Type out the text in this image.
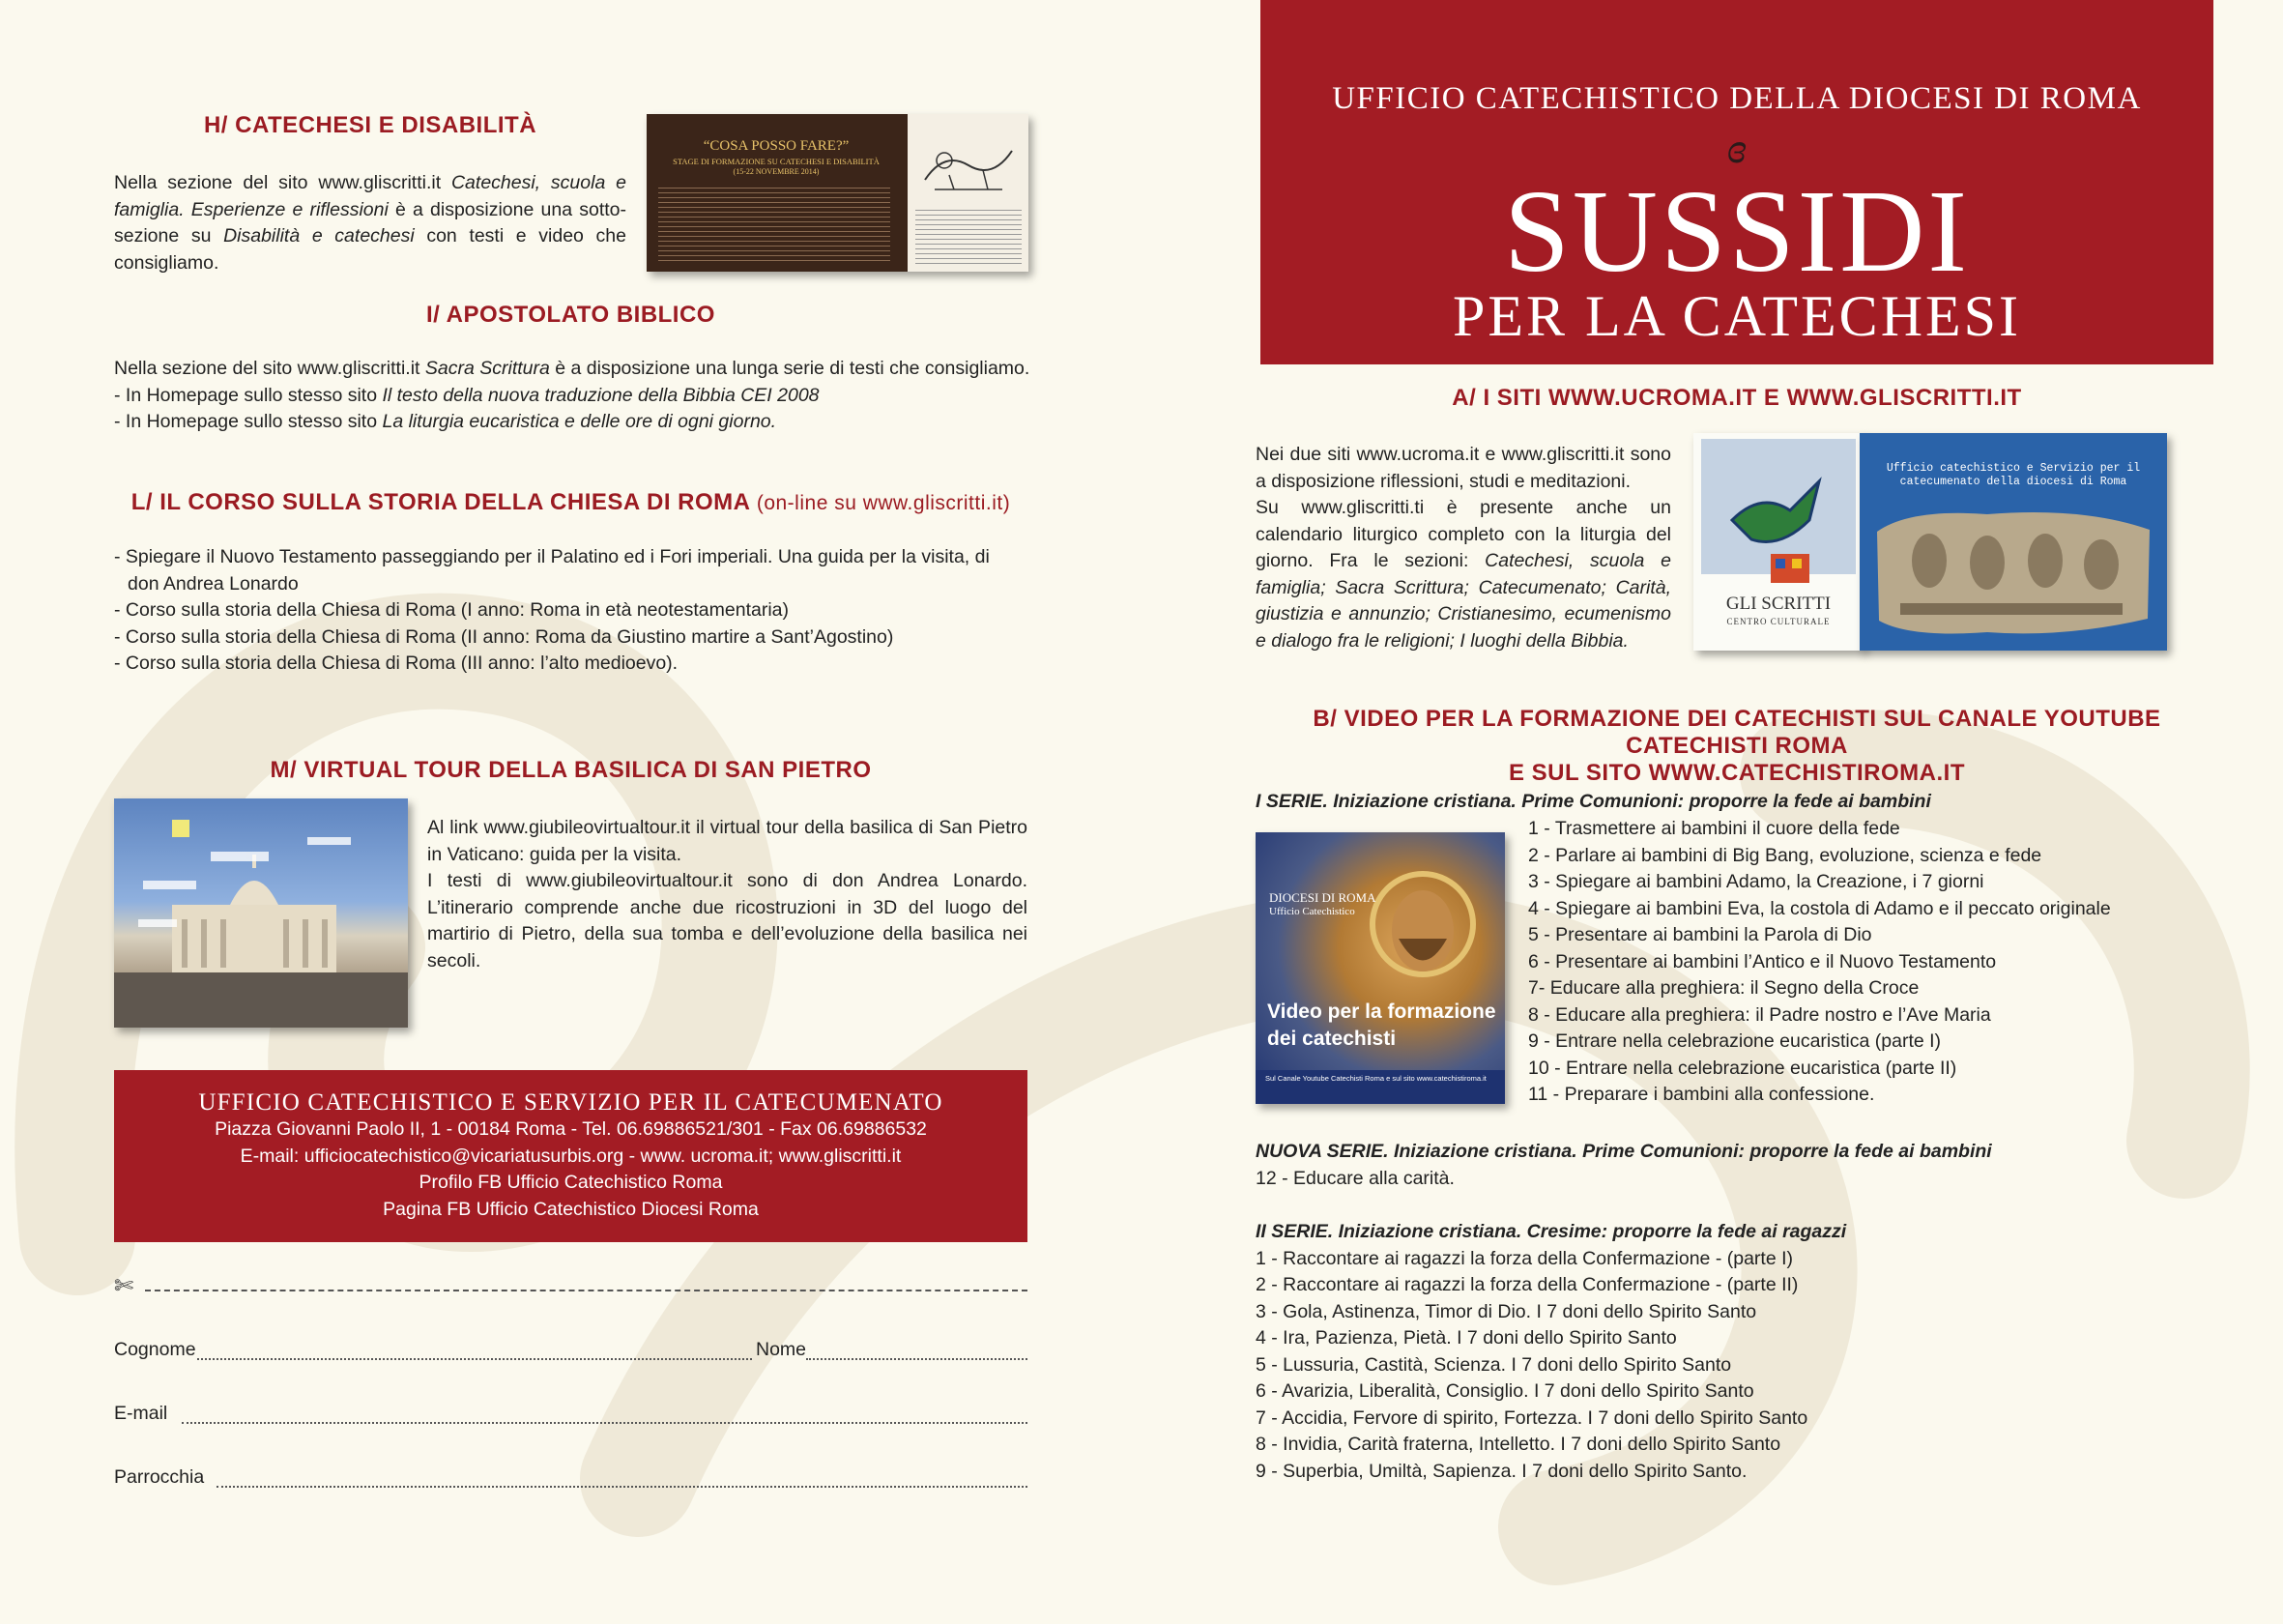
H/ CATECHESI E DISABILITÀ
Nella sezione del sito www.gliscritti.it Catechesi, scuola e famiglia. Esperienze e riflessioni è a disposizione una sotto-sezione su Disabilità e catechesi con testi e video che consigliamo.
“COSA POSSO FARE?”
STAGE DI FORMAZIONE SU CATECHESI E DISABILITÀ
(15-22 NOVEMBRE 2014)
I/ APOSTOLATO BIBLICO

Nella sezione del sito www.gliscritti.it Sacra Scrittura è a disposizione una lunga serie di testi che consigliamo.

- In Homepage sullo stesso sito Il testo della nuova traduzione della Bibbia CEI 2008

- In Homepage sullo stesso sito La liturgia eucaristica e delle ore di ogni giorno.

L/ IL CORSO SULLA STORIA DELLA CHIESA DI ROMA (on-line su www.gliscritti.it)

- Spiegare il Nuovo Testamento passeggiando per il Palatino ed i Fori imperiali. Una guida per la visita, di

don Andrea Lonardo

- Corso sulla storia della Chiesa di Roma (I anno: Roma in età neotestamentaria)

- Corso sulla storia della Chiesa di Roma (II anno: Roma da Giustino martire a Sant’Agostino)

- Corso sulla storia della Chiesa di Roma (III anno: l’alto medioevo).

M/ VIRTUAL TOUR DELLA BASILICA DI SAN PIETRO

Al link www.giubileovirtualtour.it il virtual tour della basilica di San Pietro in Vaticano: guida per la visita.

I testi di www.giubileovirtualtour.it sono di don Andrea Lonardo. L’itinerario comprende anche due ricostruzioni in 3D del luogo del martirio di Pietro, della sua tomba e dell’evoluzione della basilica nei secoli.

UFFICIO CATECHISTICO E SERVIZIO PER IL CATECUMENATO
Piazza Giovanni Paolo II, 1 - 00184 Roma - Tel. 06.69886521/301 - Fax 06.69886532
E-mail: ufficiocatechistico@vicariatusurbis.org - www. ucroma.it; www.gliscritti.it
Profilo FB Ufficio Catechistico Roma
Pagina FB Ufficio Catechistico Diocesi Roma
✄
Cognome	Nome
E-mail
Parrocchia
UFFICIO CATECHISTICO DELLA DIOCESI DI ROMA
ɞ
SUSSIDI
PER LA CATECHESI
A/ I SITI WWW.UCROMA.IT E WWW.GLISCRITTI.IT

Nei due siti www.ucroma.it e www.gliscritti.it sono a disposizione riflessioni, studi e meditazioni.

Su www.gliscritti.ti è presente anche un calendario liturgico completo con la liturgia del giorno. Fra le sezioni: Catechesi, scuola e famiglia; Sacra Scrittura; Catecumenato; Carità, giustizia e annunzio; Cristianesimo, ecumenismo e dialogo fra le religioni; I luoghi della Bibbia.

GLI SCRITTI
CENTRO CULTURALE
Ufficio catechistico e Servizio per il
catecumenato della diocesi di Roma
B/ VIDEO PER LA FORMAZIONE DEI CATECHISTI SUL CANALE YOUTUBE CATECHISTI ROMA
E SUL SITO WWW.CATECHISTIROMA.IT
I SERIE. Iniziazione cristiana. Prime Comunioni: proporre la fede ai bambini
DIOCESI DI ROMA
Ufficio Catechistico
Video per la formazione
dei catechisti
Sul Canale Youtube Catechisti Roma e sul sito www.catechistiroma.it

1 - Trasmettere ai bambini il cuore della fede

2 - Parlare ai bambini di Big Bang, evoluzione, scienza e fede

3 - Spiegare ai bambini Adamo, la Creazione, i 7 giorni

4 - Spiegare ai bambini Eva, la costola di Adamo e il peccato originale

5 - Presentare ai bambini la Parola di Dio

6 - Presentare ai bambini l’Antico e il Nuovo Testamento

7- Educare alla preghiera: il Segno della Croce

8 - Educare alla preghiera: il Padre nostro e l’Ave Maria

9 - Entrare nella celebrazione eucaristica (parte I)

10 - Entrare nella celebrazione eucaristica (parte II)

11 - Preparare i bambini alla confessione.

NUOVA SERIE. Iniziazione cristiana. Prime Comunioni: proporre la fede ai bambini

12 - Educare alla carità.

II SERIE. Iniziazione cristiana. Cresime: proporre la fede ai ragazzi

1 - Raccontare ai ragazzi la forza della Confermazione - (parte I)

2 - Raccontare ai ragazzi la forza della Confermazione - (parte II)

3 - Gola, Astinenza, Timor di Dio. I 7 doni dello Spirito Santo

4 - Ira, Pazienza, Pietà. I 7 doni dello Spirito Santo

5 - Lussuria, Castità, Scienza. I 7 doni dello Spirito Santo

6 - Avarizia, Liberalità, Consiglio. I 7 doni dello Spirito Santo

7 - Accidia, Fervore di spirito, Fortezza. I 7 doni dello Spirito Santo

8 - Invidia, Carità fraterna, Intelletto. I 7 doni dello Spirito Santo

9 - Superbia, Umiltà, Sapienza. I 7 doni dello Spirito Santo.
